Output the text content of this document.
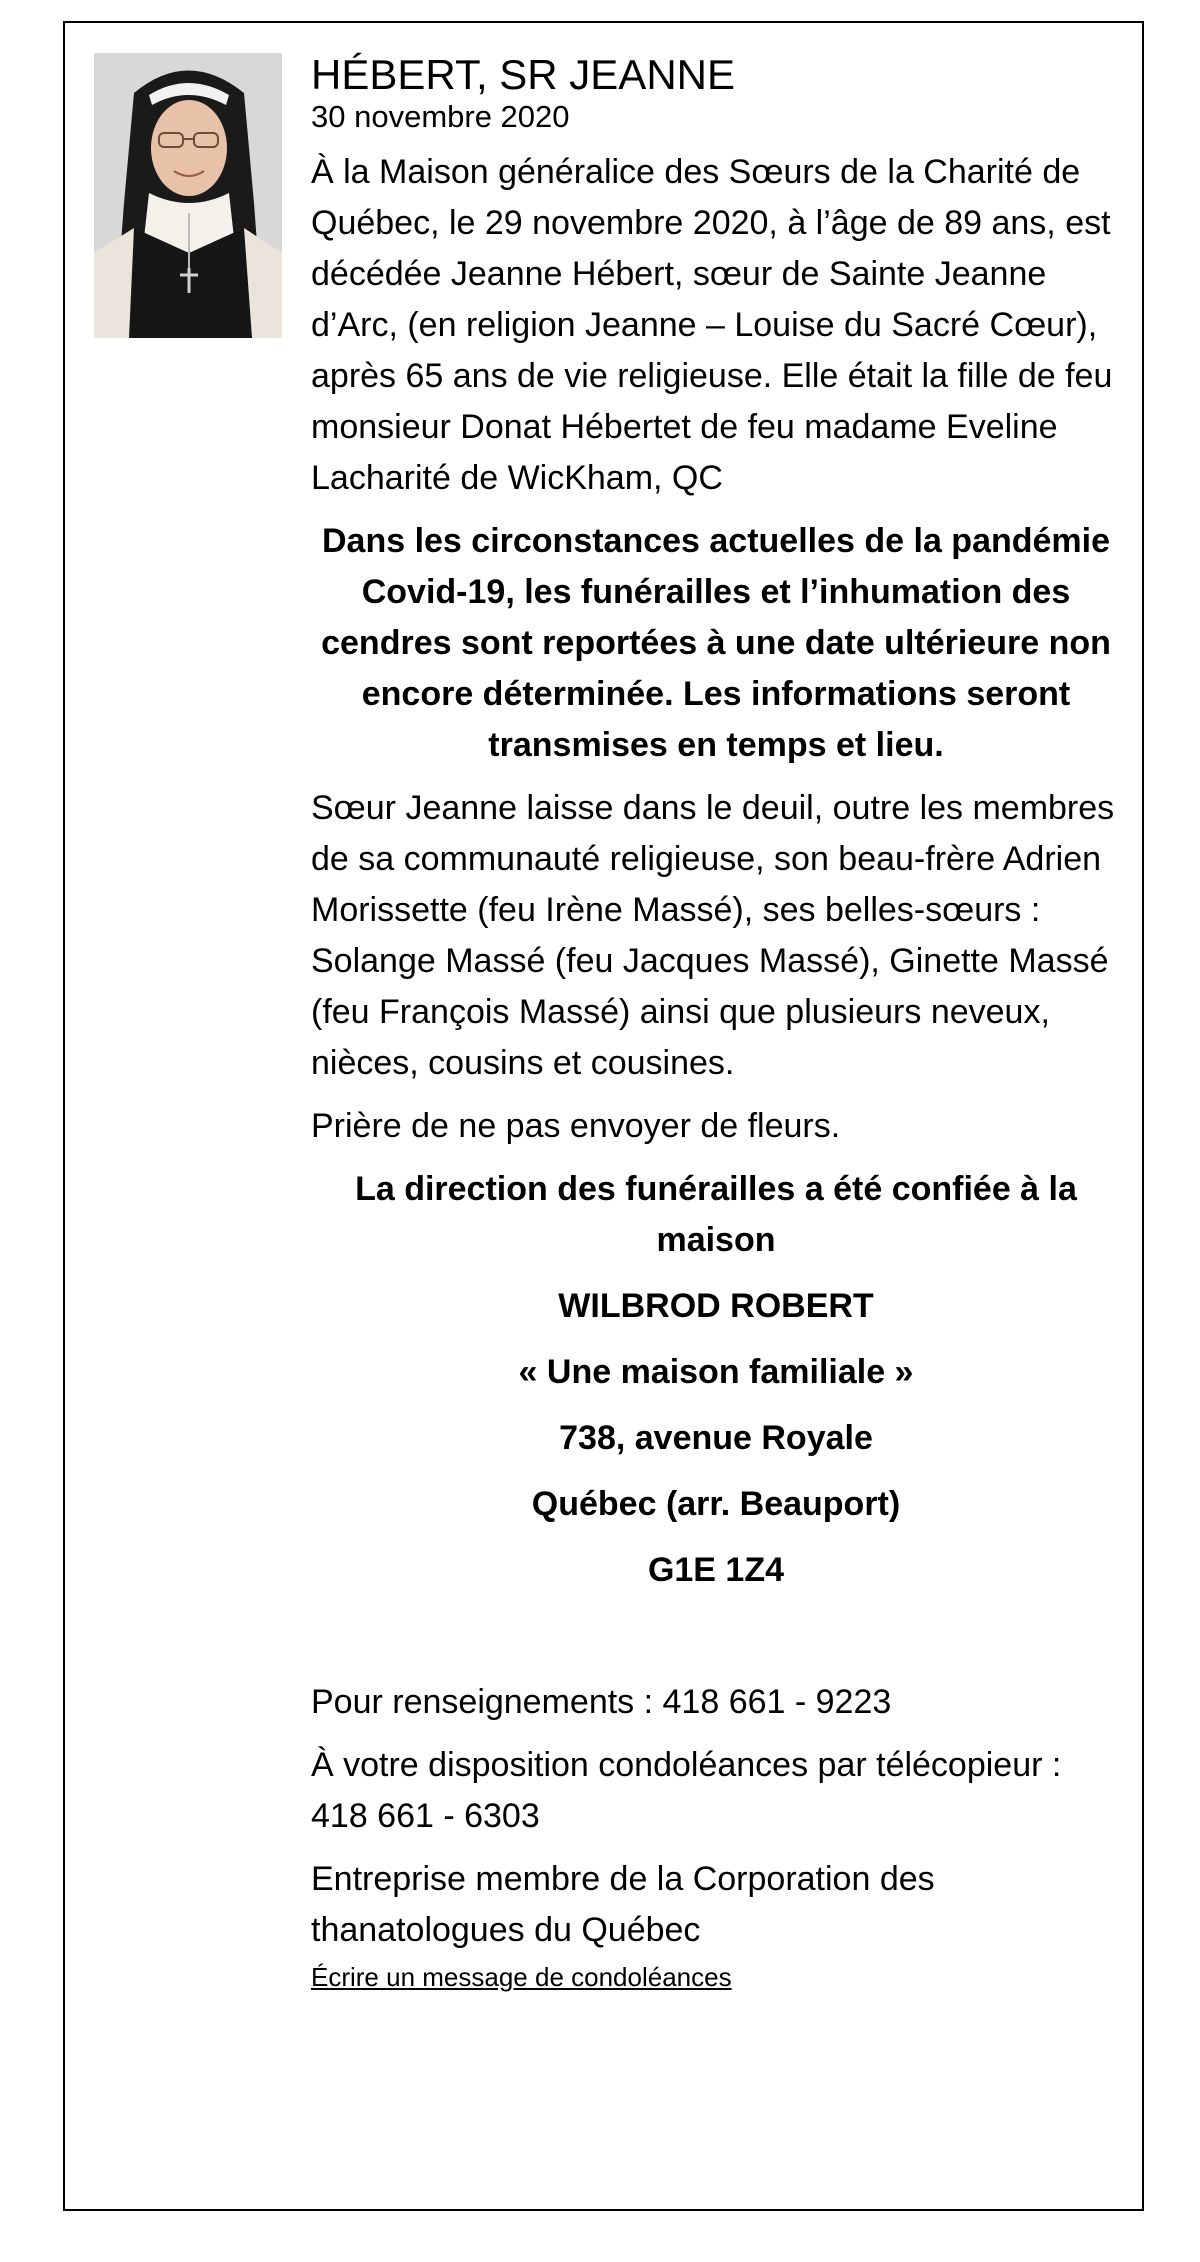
HÉBERT, SR JEANNE
30 novembre 2020

À la Maison généralice des Sœurs de la Charité de Québec, le 29 novembre 2020, à l’âge de 89 ans, est décédée Jeanne Hébert, sœur de Sainte Jeanne d’Arc, (en religion Jeanne – Louise du Sacré Cœur), après 65 ans de vie religieuse. Elle était la fille de feu monsieur Donat Hébertet de feu madame Eveline Lacharité de WicKham, QC

Dans les circonstances actuelles de la pandémie Covid-19, les funérailles et l’inhumation des cendres sont reportées à une date ultérieure non encore déterminée. Les informations seront transmises en temps et lieu.

Sœur Jeanne laisse dans le deuil, outre les membres de sa communauté religieuse, son beau-frère Adrien Morissette (feu Irène Massé), ses belles-sœurs : Solange Massé (feu Jacques Massé), Ginette Massé (feu François Massé) ainsi que plusieurs neveux, nièces, cousins et cousines.

Prière de ne pas envoyer de fleurs.

La direction des funérailles a été confiée à la maison

WILBROD ROBERT

« Une maison familiale »

738, avenue Royale

Québec (arr. Beauport)

G1E 1Z4

Pour renseignements : 418 661 - 9223

À votre disposition condoléances par télécopieur : 418 661 - 6303

Entreprise membre de la Corporation des thanatologues du Québec

Écrire un message de condoléances
